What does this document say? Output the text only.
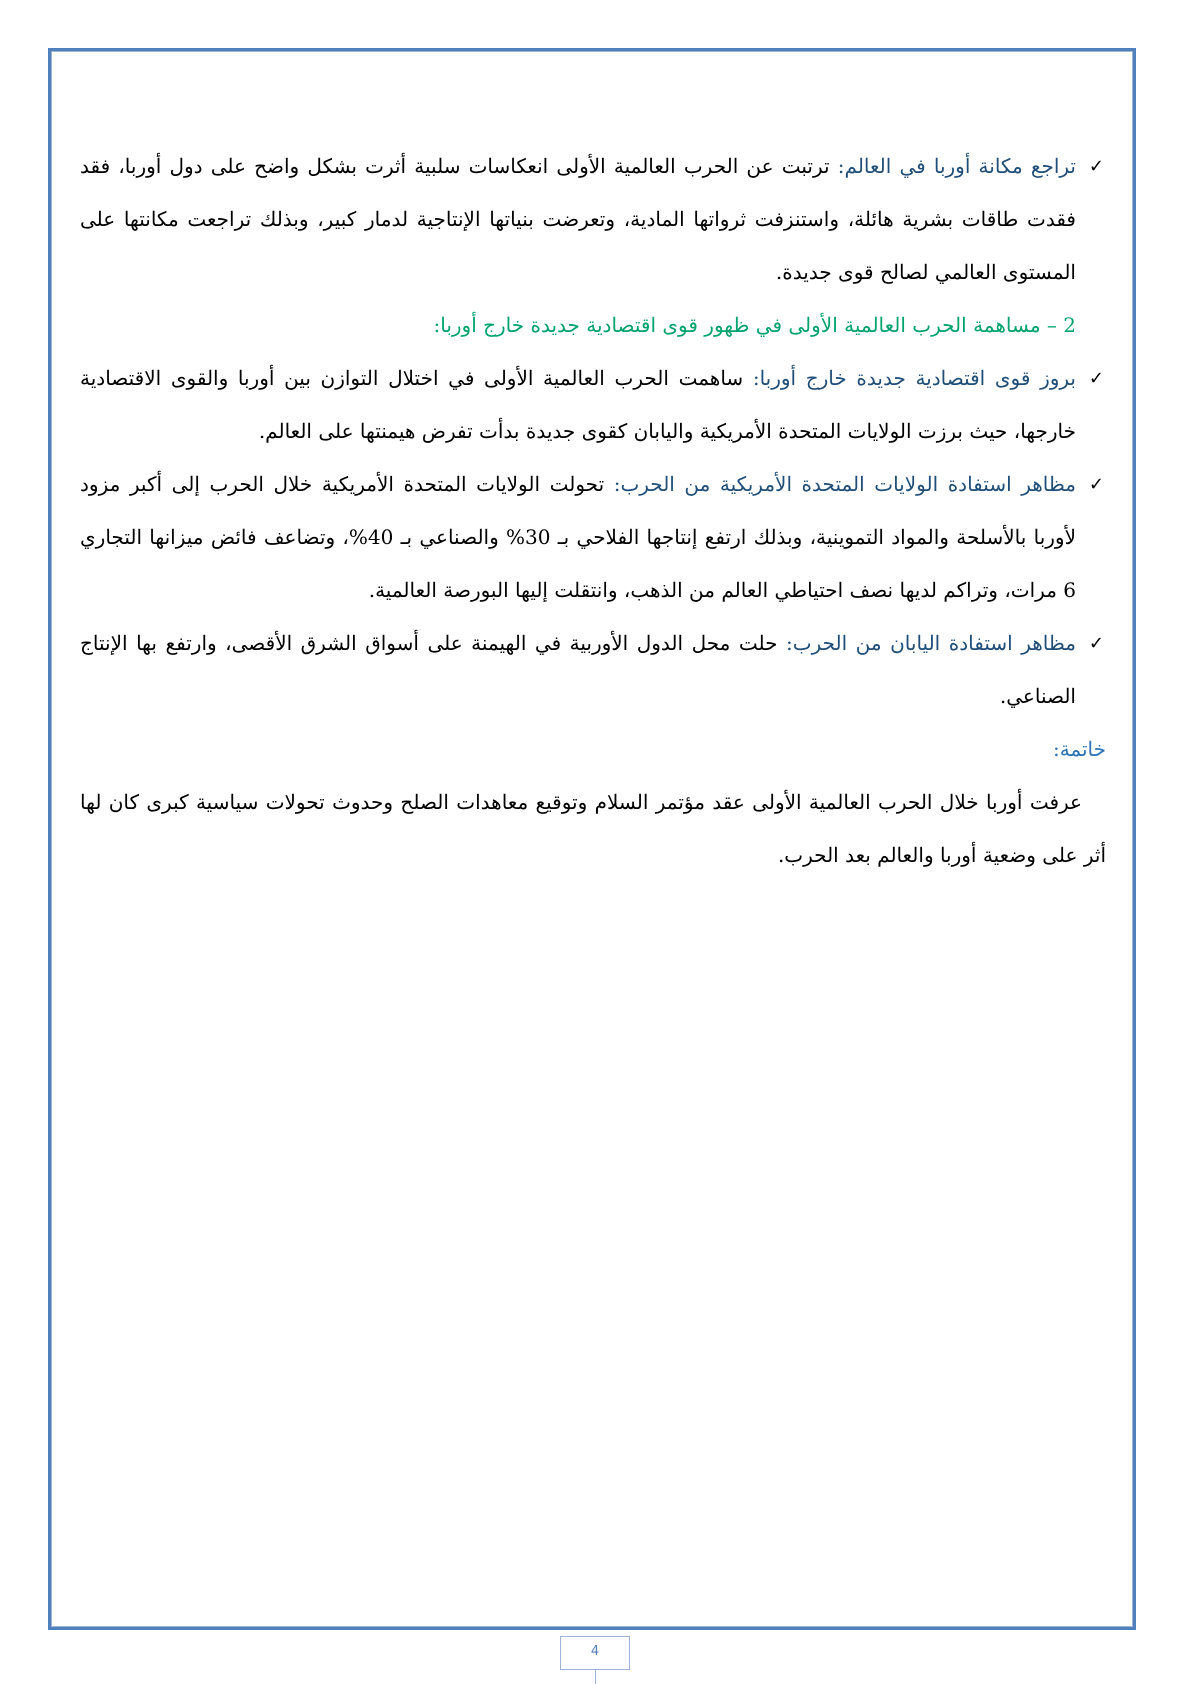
✓
تراجع مكانة أوربا في العالم: ترتبت عن الحرب العالمية الأولى انعكاسات سلبية أثرت بشكل واضح على دول أوربا، فقد فقدت طاقات بشرية هائلة، واستنزفت ثرواتها المادية، وتعرضت بنياتها الإنتاجية لدمار كبير، وبذلك تراجعت مكانتها على المستوى العالمي لصالح قوى جديدة.

2 – مساهمة الحرب العالمية الأولى في ظهور قوى اقتصادية جديدة خارج أوربا:

✓
بروز قوى اقتصادية جديدة خارج أوربا: ساهمت الحرب العالمية الأولى في اختلال التوازن بين أوربا والقوى الاقتصادية خارجها، حيث برزت الولايات المتحدة الأمريكية واليابان كقوى جديدة بدأت تفرض هيمنتها على العالم.

✓
مظاهر استفادة الولايات المتحدة الأمريكية من الحرب: تحولت الولايات المتحدة الأمريكية خلال الحرب إلى أكبر مزود لأوربا بالأسلحة والمواد التموينية، وبذلك ارتفع إنتاجها الفلاحي بـ 30% والصناعي بـ 40%، وتضاعف فائض ميزانها التجاري 6 مرات، وتراكم لديها نصف احتياطي العالم من الذهب، وانتقلت إليها البورصة العالمية.

✓
مظاهر استفادة اليابان من الحرب: حلت محل الدول الأوربية في الهيمنة على أسواق الشرق الأقصى، وارتفع بها الإنتاج الصناعي.

خاتمة:

عرفت أوربا خلال الحرب العالمية الأولى عقد مؤتمر السلام وتوقيع معاهدات الصلح وحدوث تحولات سياسية كبرى كان لها أثر على وضعية أوربا والعالم بعد الحرب.

4
